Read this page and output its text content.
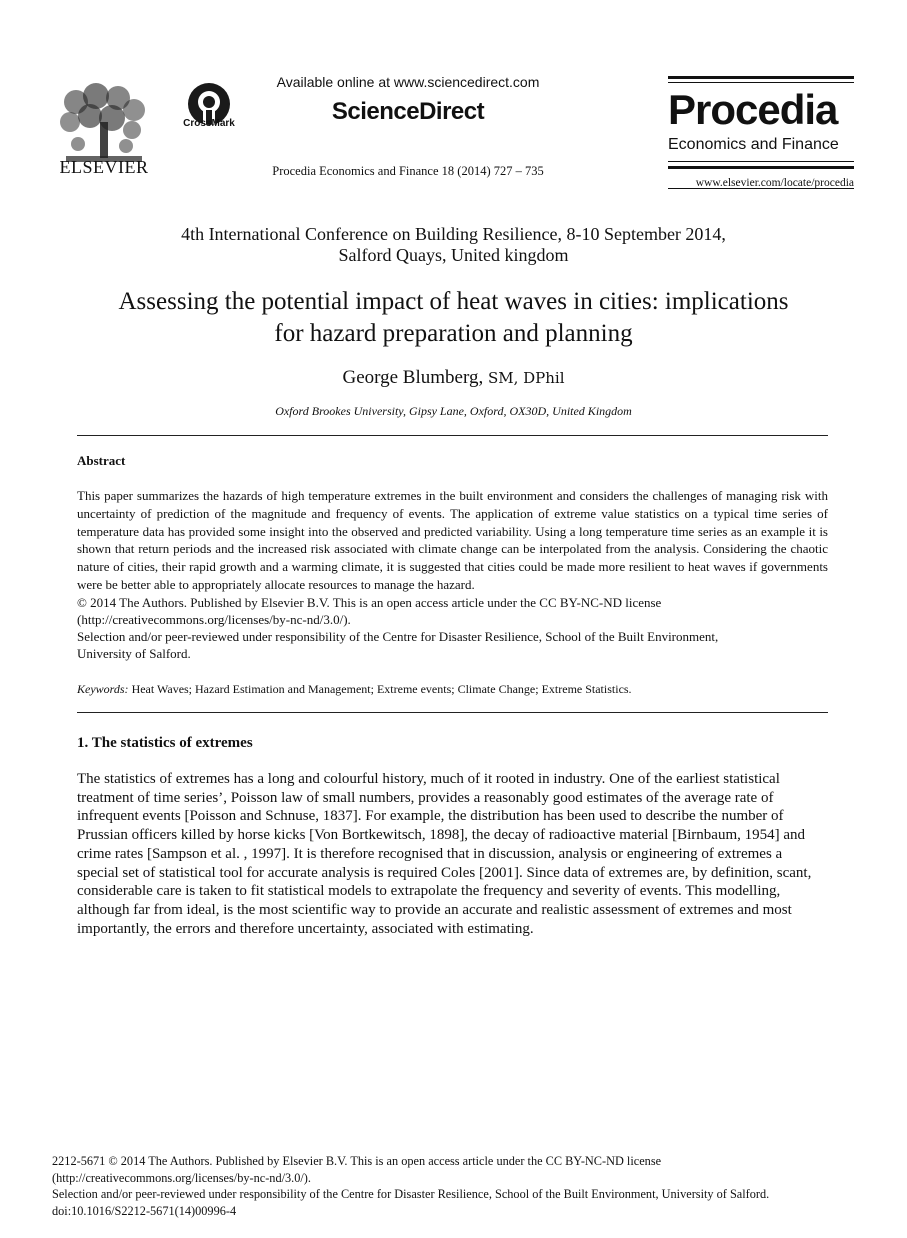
ELSEVIER
CrossMark
Available online at www.sciencedirect.com
ScienceDirect
Procedia Economics and Finance 18 (2014) 727 – 735
Procedia
Economics and Finance
www.elsevier.com/locate/procedia
4th International Conference on Building Resilience, 8-10 September 2014,
Salford Quays, United kingdom
Assessing the potential impact of heat waves in cities: implications
for hazard preparation and planning
George Blumberg, SM, DPhil
Oxford Brookes University, Gipsy Lane, Oxford, OX30D, United Kingdom
Abstract

This paper summarizes the hazards of high temperature extremes in the built environment and considers the challenges of managing risk with uncertainty of prediction of the magnitude and frequency of events. The application of extreme value statistics on a typical time series of temperature data has provided some insight into the observed and predicted variability. Using a long temperature time series as an example it is shown that return periods and the increased risk associated with climate change can be interpolated from the analysis. Considering the chaotic nature of cities, their rapid growth and a warming climate, it is suggested that cities could be made more resilient to heat waves if governments were be better able to appropriately allocate resources to manage the hazard.

© 2014 The Authors. Published by Elsevier B.V. This is an open access article under the CC BY-NC-ND license
(http://creativecommons.org/licenses/by-nc-nd/3.0/).
Selection and/or peer-reviewed under responsibility of the Centre for Disaster Resilience, School of the Built Environment,
University of Salford.
Keywords: Heat Waves; Hazard Estimation and Management; Extreme events; Climate Change; Extreme Statistics.
1. The statistics of extremes
The statistics of extremes has a long and colourful history, much of it rooted in industry. One of the earliest statistical treatment of time series’, Poisson law of small numbers, provides a reasonably good estimates of the average rate of infrequent events [Poisson and Schnuse, 1837]. For example, the distribution has been used to describe the number of Prussian officers killed by horse kicks [Von Bortkewitsch, 1898], the decay of radioactive material [Birnbaum, 1954] and crime rates [Sampson et al. , 1997]. It is therefore recognised that in discussion, analysis or engineering of extremes a special set of statistical tool for accurate analysis is required Coles [2001]. Since data of extremes are, by definition, scant, considerable care is taken to fit statistical models to extrapolate the frequency and severity of events. This modelling, although far from ideal, is the most scientific way to provide an accurate and realistic assessment of extremes and most importantly, the errors and therefore uncertainty, associated with estimating.
2212-5671 © 2014 The Authors. Published by Elsevier B.V. This is an open access article under the CC BY-NC-ND license
(http://creativecommons.org/licenses/by-nc-nd/3.0/).
Selection and/or peer-reviewed under responsibility of the Centre for Disaster Resilience, School of the Built Environment, University of Salford.
doi:10.1016/S2212-5671(14)00996-4
